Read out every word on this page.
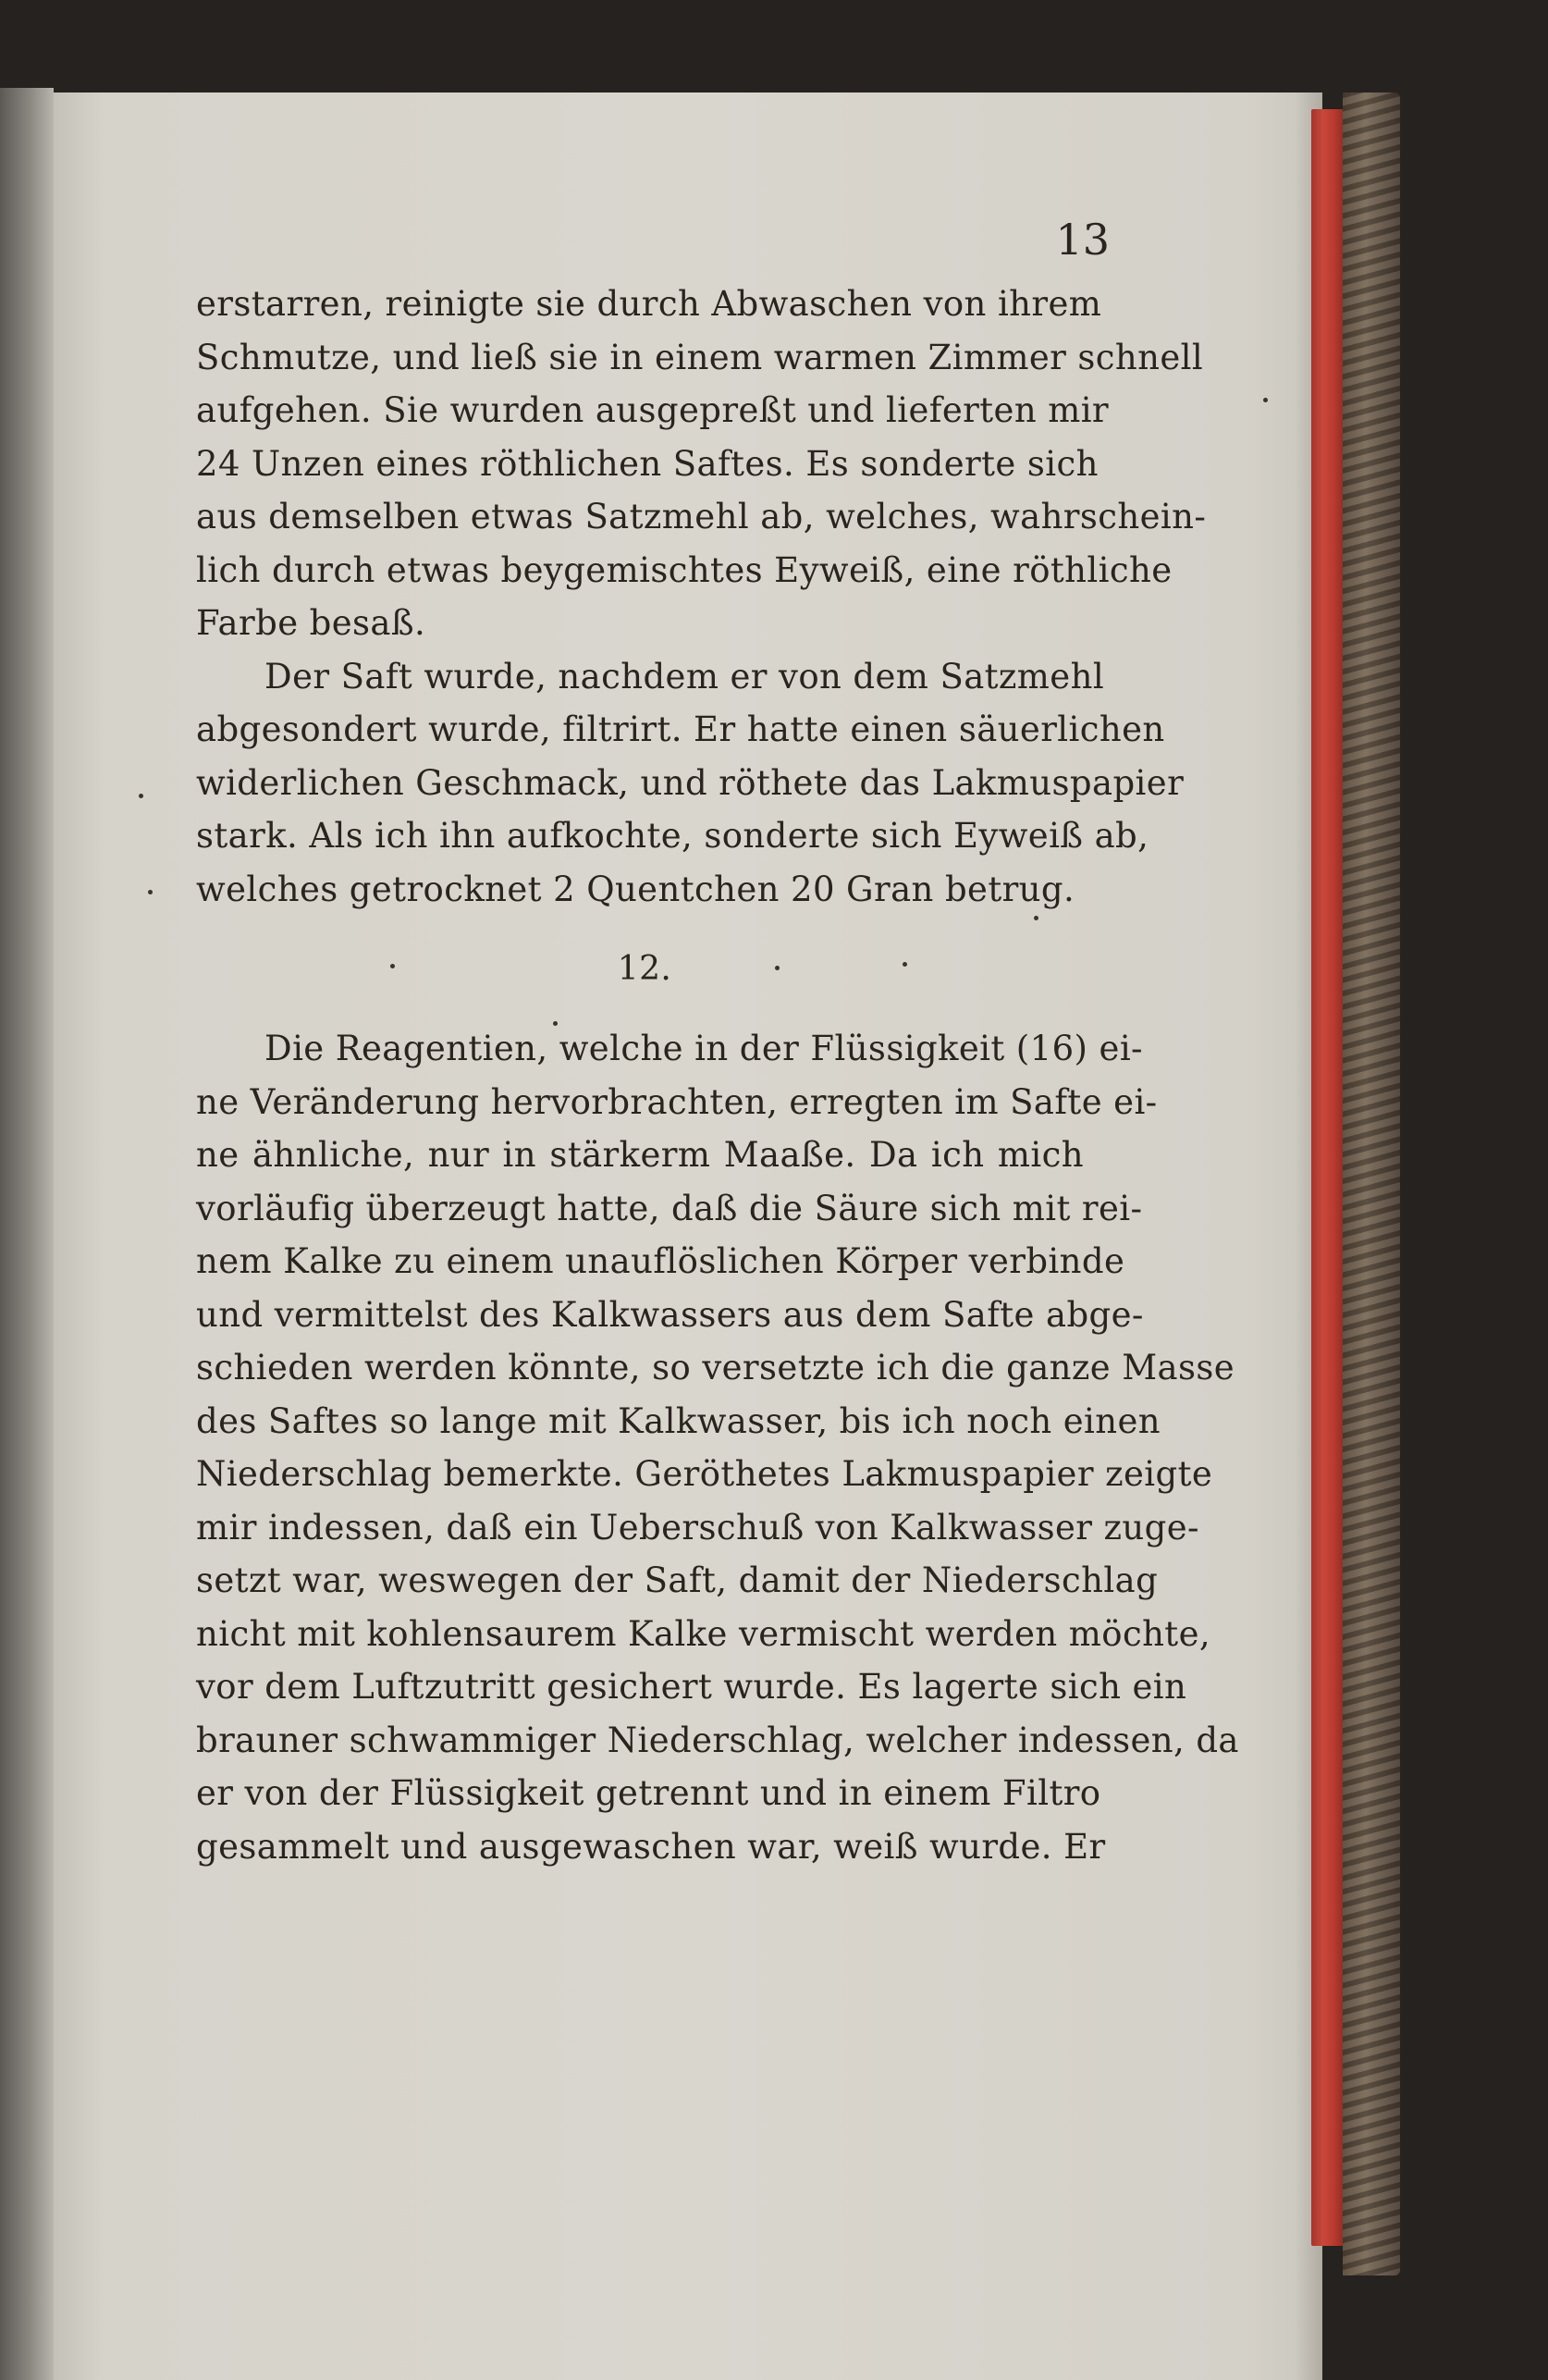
13
erstarren, reinigte sie durch Abwaschen von ihrem
Schmutze, und ließ sie in einem warmen Zimmer schnell
aufgehen. Sie wurden ausgepreßt und lieferten mir
24 Unzen eines röthlichen Saftes. Es sonderte sich
aus demselben etwas Satzmehl ab, welches, wahrschein-
lich durch etwas beygemischtes Eyweiß, eine röthliche
Farbe besaß.
Der Saft wurde, nachdem er von dem Satzmehl
abgesondert wurde, filtrirt. Er hatte einen säuerlichen
widerlichen Geschmack, und röthete das Lakmuspapier
stark. Als ich ihn aufkochte, sonderte sich Eyweiß ab,
welches getrocknet 2 Quentchen 20 Gran betrug.
12.
Die Reagentien, welche in der Flüssigkeit (16) ei-
ne Veränderung hervorbrachten, erregten im Safte ei-
ne ähnliche, nur in stärkerm Maaße. Da ich mich
vorläufig überzeugt hatte, daß die Säure sich mit rei-
nem Kalke zu einem unauflöslichen Körper verbinde
und vermittelst des Kalkwassers aus dem Safte abge-
schieden werden könnte, so versetzte ich die ganze Masse
des Saftes so lange mit Kalkwasser, bis ich noch einen
Niederschlag bemerkte. Geröthetes Lakmuspapier zeigte
mir indessen, daß ein Ueberschuß von Kalkwasser zuge-
setzt war, weswegen der Saft, damit der Niederschlag
nicht mit kohlensaurem Kalke vermischt werden möchte,
vor dem Luftzutritt gesichert wurde. Es lagerte sich ein
brauner schwammiger Niederschlag, welcher indessen, da
er von der Flüssigkeit getrennt und in einem Filtro
gesammelt und ausgewaschen war, weiß wurde. Er
